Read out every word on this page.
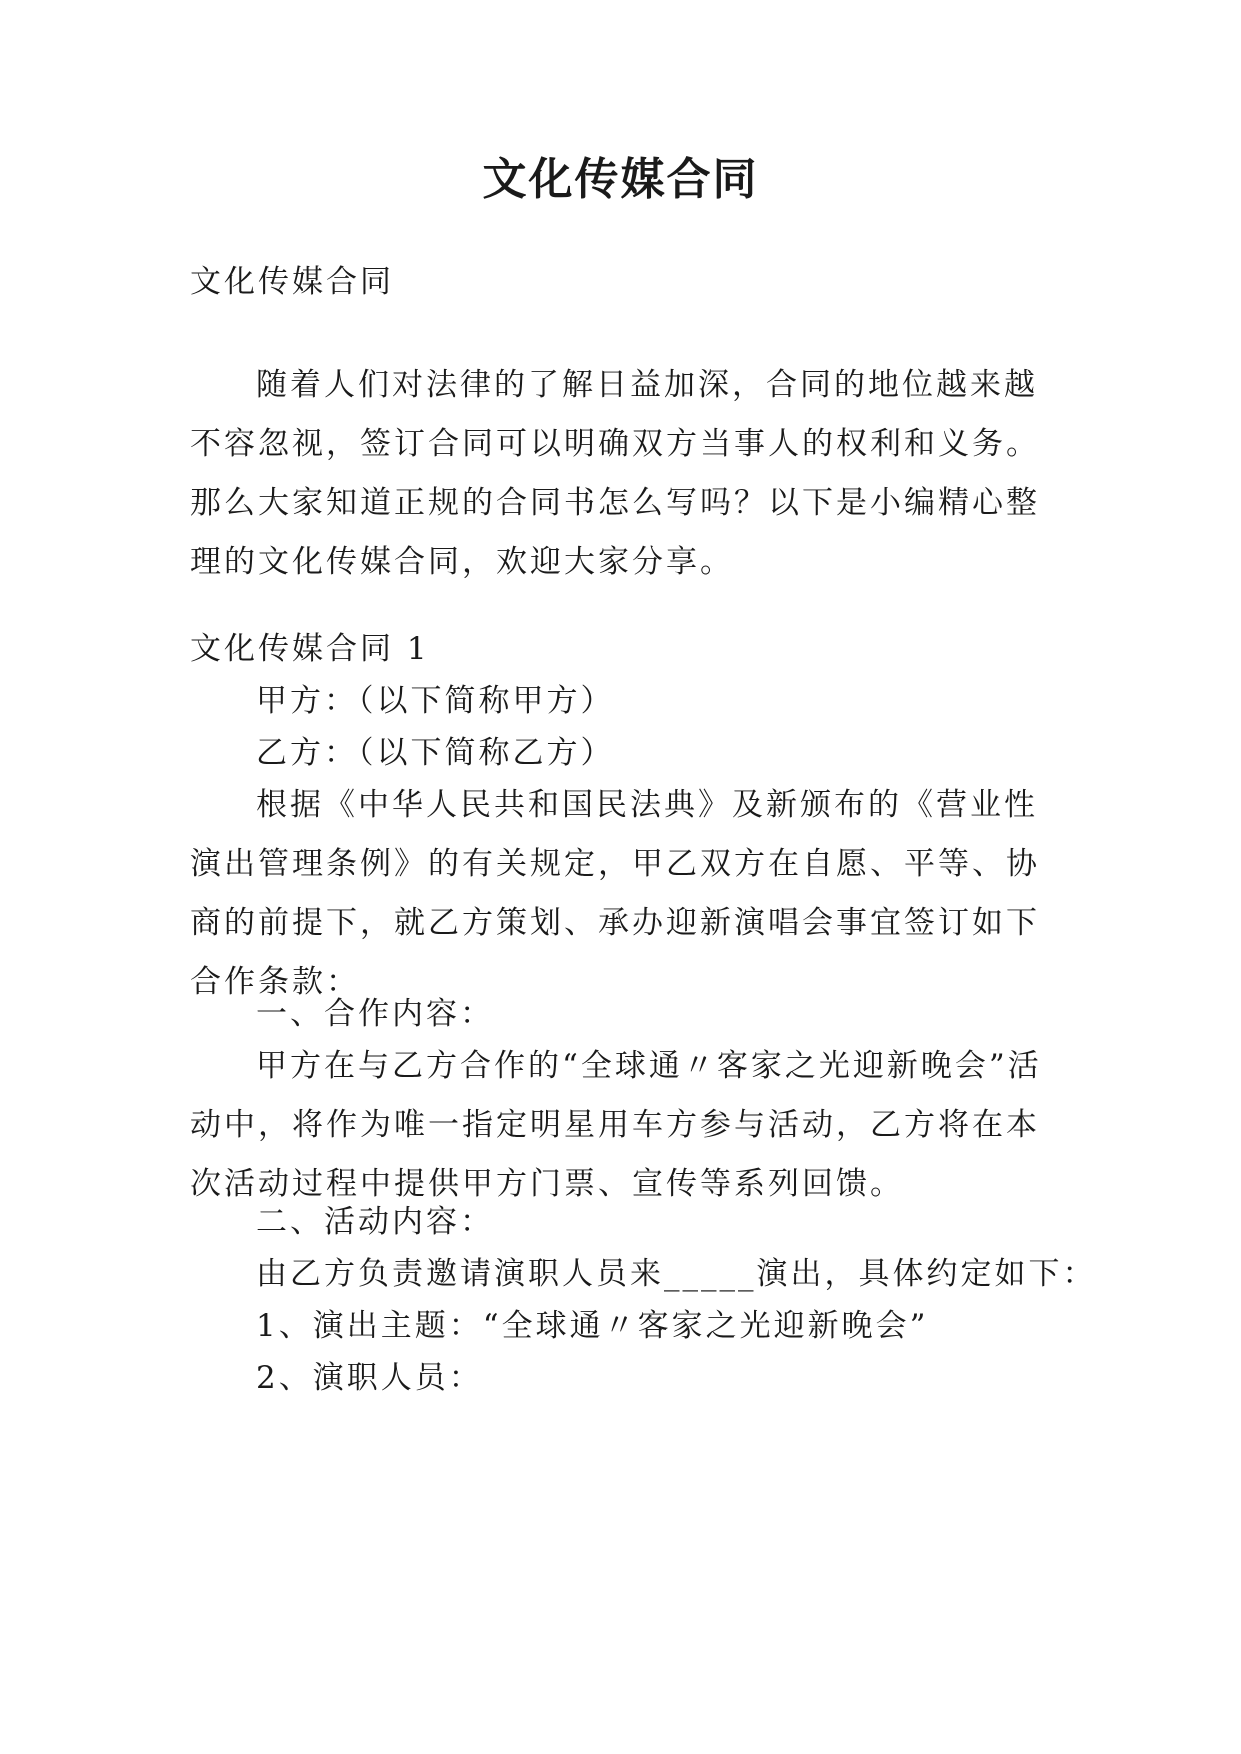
文化传媒合同

文化传媒合同

随着人们对法律的了解日益加深，合同的地位越来越不容忽视，签订合同可以明确双方当事人的权利和义务。那么大家知道正规的合同书怎么写吗？以下是小编精心整理的文化传媒合同，欢迎大家分享。

文化传媒合同 1

甲方：（以下简称甲方）

乙方：（以下简称乙方）

根据《中华人民共和国民法典》及新颁布的《营业性演出管理条例》的有关规定，甲乙双方在自愿、平等、协商的前提下，就乙方策划、承办迎新演唱会事宜签订如下合作条款：

一、合作内容：

甲方在与乙方合作的“全球通〃客家之光迎新晚会”活动中，将作为唯一指定明星用车方参与活动，乙方将在本次活动过程中提供甲方门票、宣传等系列回馈。

二、活动内容：

由乙方负责邀请演职人员来_____演出，具体约定如下：

1、演出主题：“全球通〃客家之光迎新晚会”

2、演职人员：
